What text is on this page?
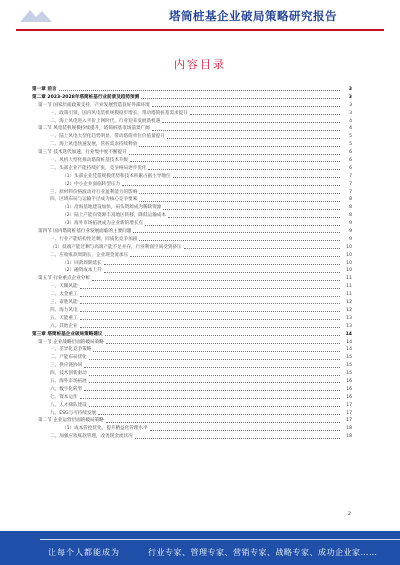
塔筒桩基企业破局策略研究报告
内容目录
第一章 前言	3
第二章 2023-2028年塔筒桩基行业前景及趋势预测	3
第一节 国家层面政策支持，产业发展营造良好外部环境	3
一、政策引领，国内风电装机规模稳步增长，带动塔筒桩基需求提升	3
二、海上风电进入平价上网时代，行业迎来发展新机遇	4
第二节 风电装机规模持续提升，塔筒桩基市场前景广阔	4
一、陆上风电大型化趋势明显，带动塔筒单位价值量提升	5
二、海上风电快速发展，管桩需求持续释放	5
第三节 技术迭代加速，行业集中度不断提升	6
一、风机大型化推动塔筒桩基技术升级	6
二、头部企业产能持续扩张，竞争格局逐步优化	6
（1）头部企业凭借规模优势和技术积累占据主导地位	7
（2）中小企业面临转型压力	7
三、原材料价格波动对行业盈利能力的影响	7
四、区域布局与运输半径成为核心竞争要素	8
（1）沿海基地建设加快，码头资源成为稀缺资源	8
（2）陆上产能向资源丰富地区转移，降低运输成本	8
（3）海外市场拓展成为企业新的增长点	9
第四节 国内塔筒桩基行业发展面临的主要问题	9
一、行业产能结构性过剩，同质化竞争加剧	9
（1）低端产能过剩与高端产能不足并存，行业利润空间受到挤压	10
二、应收账款周期长，企业现金流承压	10
（1）回款周期延长	10
（2）融资成本上升	10
第五节 行业重点企业分析	11
一、天顺风能	11
二、大金重工	11
三、泰胜风能	12
四、海力风电	12
五、天能重工	13
六、其他企业	13
第三章 塔筒桩基企业破局策略建议	14
第一节 企业战略层面的破局策略	14
一、差异化竞争策略	14
二、产能布局优化	15
三、供应链协同	15
四、技术创新驱动	15
五、海外市场拓展	16
六、数字化转型	16
七、资本运作	16
八、人才梯队建设	17
九、ESG与可持续发展	17
第二节 企业运营层面的破局策略	17
（1）成本管控优化，提升精益化管理水平	18
二、加强应收账款管理，改善现金流状况	18
2
让每个人都能成为	行业专家、管理专家、营销专家、战略专家、成功企业家……
